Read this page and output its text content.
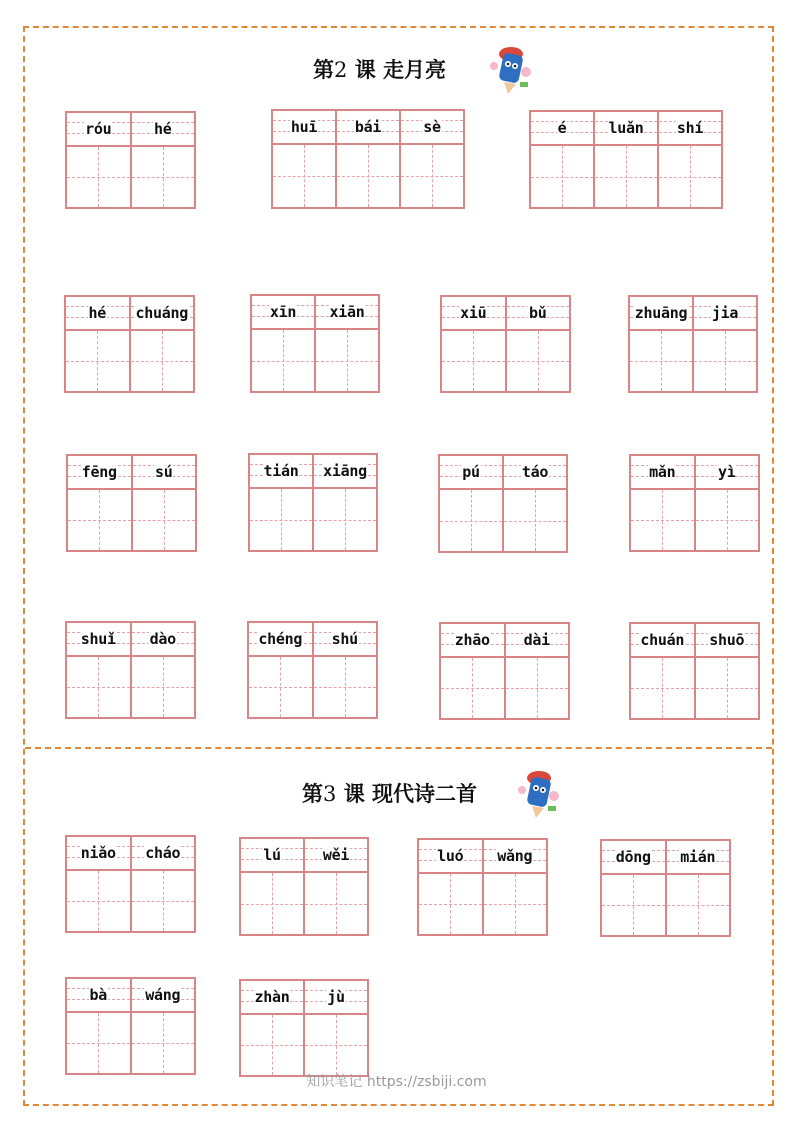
第2 课 走月亮
第3 课 现代诗二首
róu	hé	huī	bái	sè	é	luǎn shí
hé chuáng	xīn xiān	xiū	bǔ	zhuāng jia
fēng	sú	tián xiāng	pú	táo	mǎn	yì
shuǐ dào	chéng shú	zhāo dài	chuán shuō
niǎo cháo	lú	wěi	luó wǎng	dōng mián
bà	wáng	zhàn	jù
知识笔记 https://zsbiji.com
